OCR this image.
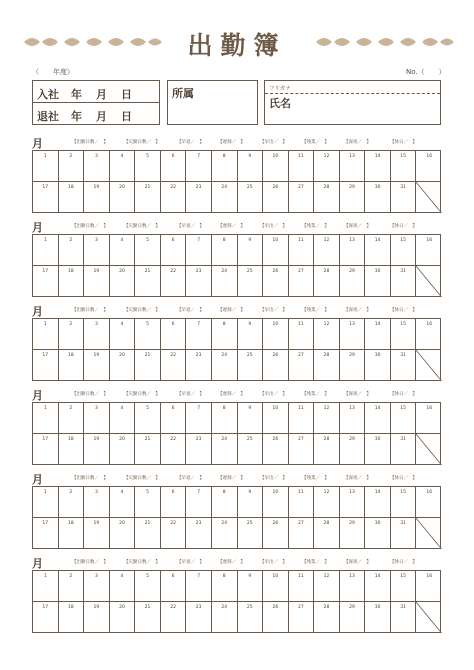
出勤簿
（　　年度）	No.（　　）
入社 年 月 日
退社 年 月 日
所属	フリガナ
氏名
月	【出勤日数／　】	【欠勤日数／　】	【早退／　】	【遅刻／　】	【早出／　】	【残業／　】	【深夜／　】	【休日／　】
1	2	3	4	5	6	7	8	9	10	11	12	13	14	15	16
17	18	19	20	21	22	23	24	25	26	27	28	29	30	31
月	【出勤日数／　】	【欠勤日数／　】	【早退／　】	【遅刻／　】	【早出／　】	【残業／　】	【深夜／　】	【休日／　】
1	2	3	4	5	6	7	8	9	10	11	12	13	14	15	16
17	18	19	20	21	22	23	24	25	26	27	28	29	30	31
月	【出勤日数／　】	【欠勤日数／　】	【早退／　】	【遅刻／　】	【早出／　】	【残業／　】	【深夜／　】	【休日／　】
1	2	3	4	5	6	7	8	9	10	11	12	13	14	15	16
17	18	19	20	21	22	23	24	25	26	27	28	29	30	31
月	【出勤日数／　】	【欠勤日数／　】	【早退／　】	【遅刻／　】	【早出／　】	【残業／　】	【深夜／　】	【休日／　】
1	2	3	4	5	6	7	8	9	10	11	12	13	14	15	16
17	18	19	20	21	22	23	24	25	26	27	28	29	30	31
月	【出勤日数／　】	【欠勤日数／　】	【早退／　】	【遅刻／　】	【早出／　】	【残業／　】	【深夜／　】	【休日／　】
1	2	3	4	5	6	7	8	9	10	11	12	13	14	15	16
17	18	19	20	21	22	23	24	25	26	27	28	29	30	31
月	【出勤日数／　】	【欠勤日数／　】	【早退／　】	【遅刻／　】	【早出／　】	【残業／　】	【深夜／　】	【休日／　】
1	2	3	4	5	6	7	8	9	10	11	12	13	14	15	16
17	18	19	20	21	22	23	24	25	26	27	28	29	30	31
